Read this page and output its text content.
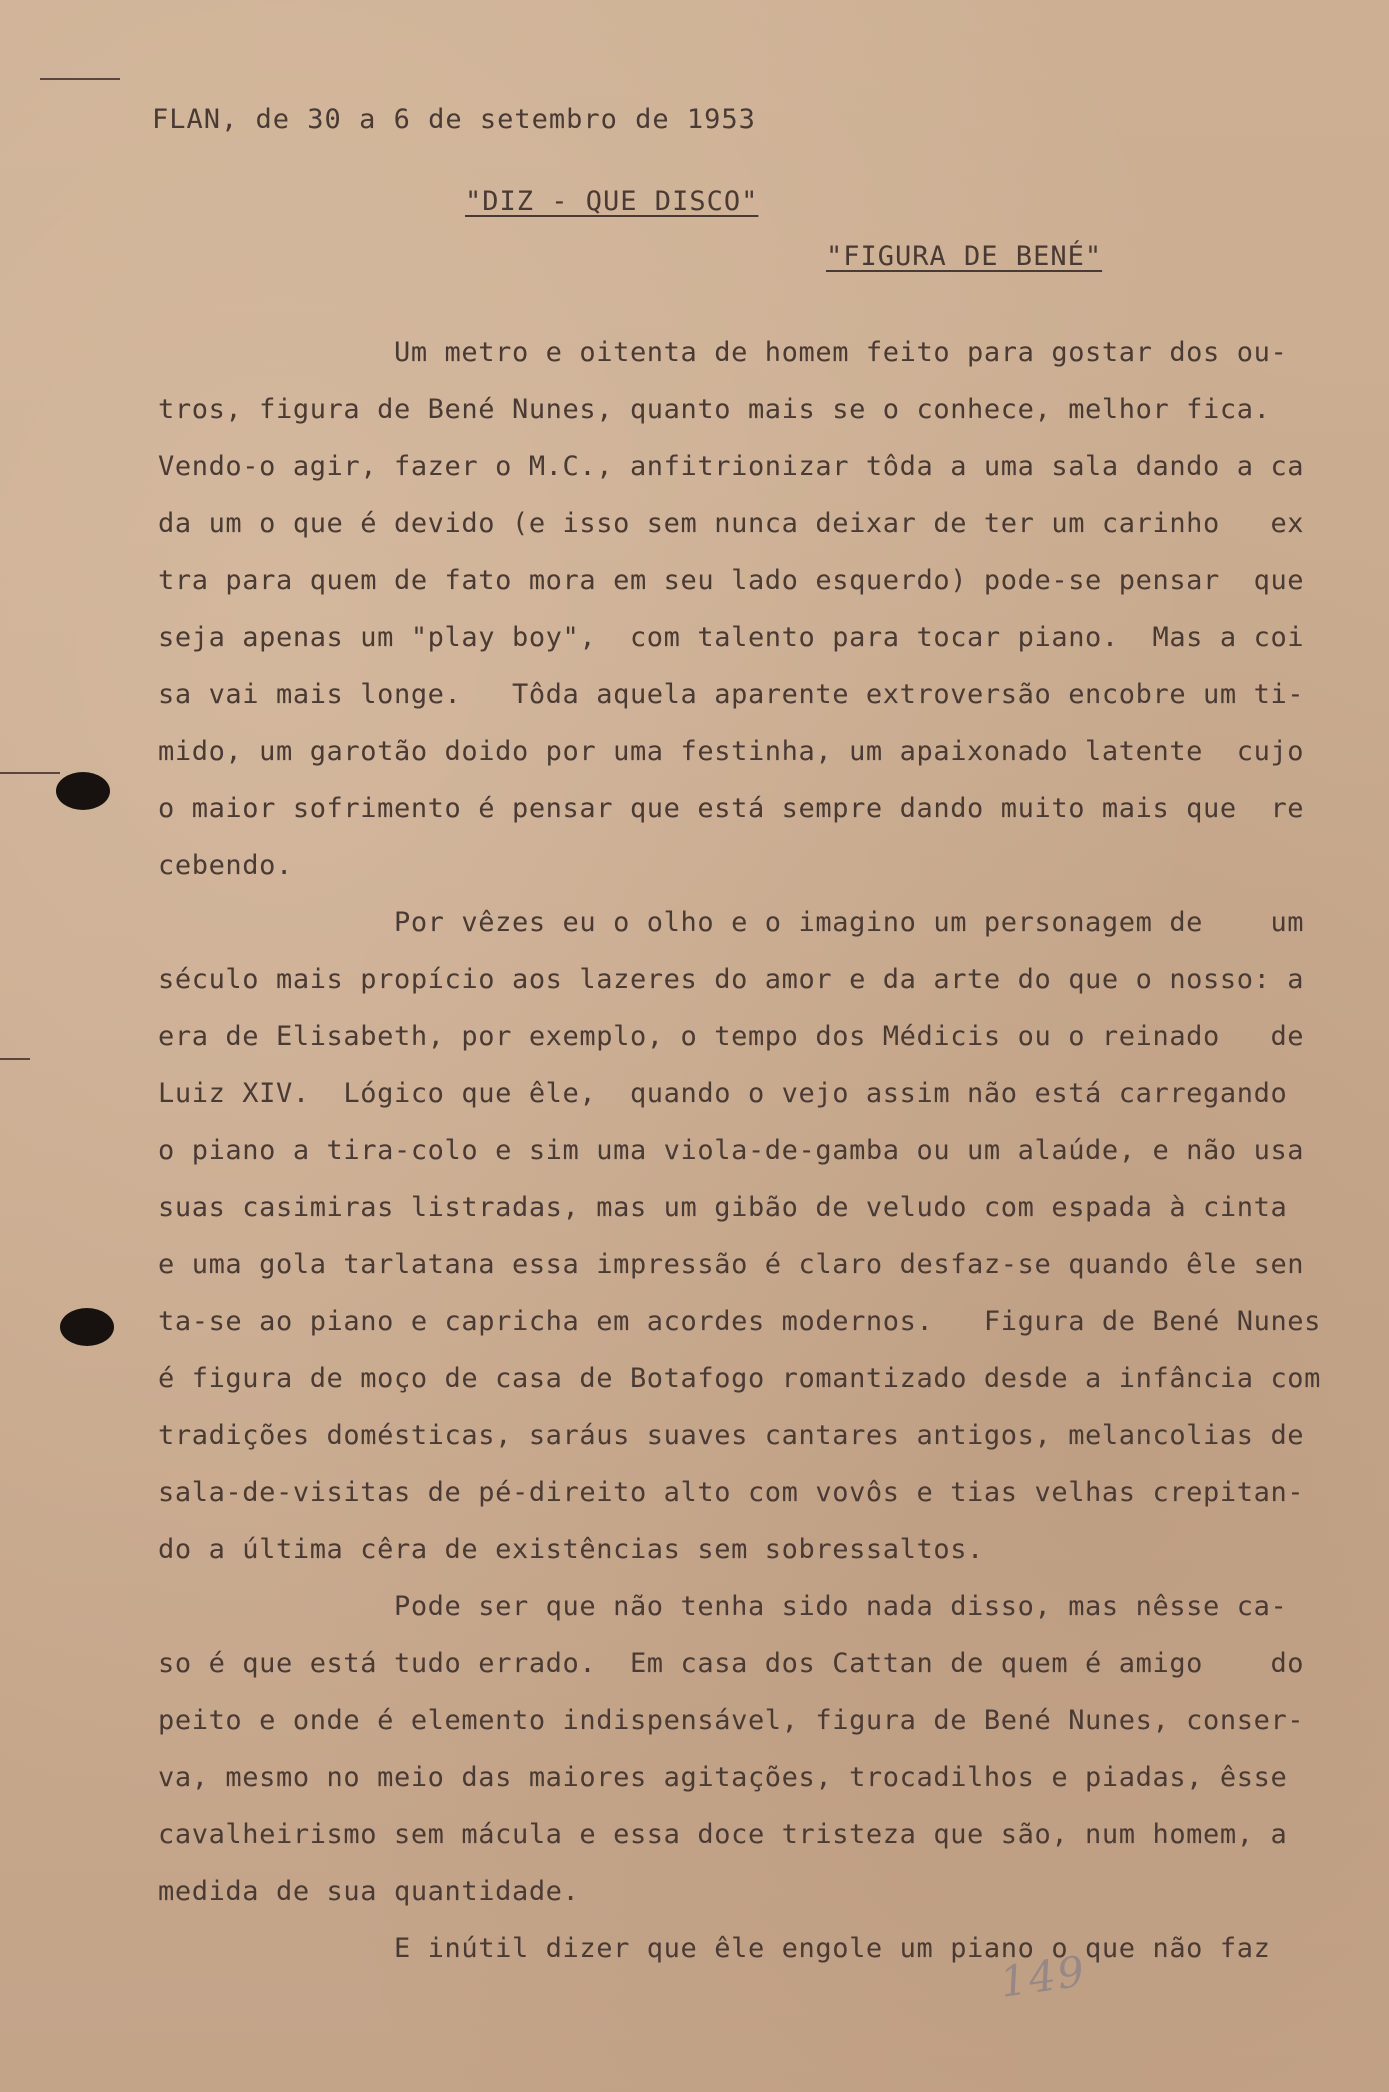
FLAN, de 30 a 6 de setembro de 1953
"DIZ - QUE DISCO"
"FIGURA DE BENÉ"
Um metro e oitenta de homem feito para gostar dos ou-
tros, figura de Bené Nunes, quanto mais se o conhece, melhor fica.
Vendo-o agir, fazer o M.C., anfitrionizar tôda a uma sala dando a ca
da um o que é devido (e isso sem nunca deixar de ter um carinho   ex
tra para quem de fato mora em seu lado esquerdo) pode-se pensar  que
seja apenas um "play boy",  com talento para tocar piano.  Mas a coi
sa vai mais longe.   Tôda aquela aparente extroversão encobre um ti-
mido, um garotão doido por uma festinha, um apaixonado latente  cujo
o maior sofrimento é pensar que está sempre dando muito mais que  re
cebendo.
Por vêzes eu o olho e o imagino um personagem de    um
século mais propício aos lazeres do amor e da arte do que o nosso: a
era de Elisabeth, por exemplo, o tempo dos Médicis ou o reinado   de
Luiz XIV.  Lógico que êle,  quando o vejo assim não está carregando
o piano a tira-colo e sim uma viola-de-gamba ou um alaúde, e não usa
suas casimiras listradas, mas um gibão de veludo com espada à cinta
e uma gola tarlatana essa impressão é claro desfaz-se quando êle sen
ta-se ao piano e capricha em acordes modernos.   Figura de Bené Nunes
é figura de moço de casa de Botafogo romantizado desde a infância com
tradições domésticas, saráus suaves cantares antigos, melancolias de
sala-de-visitas de pé-direito alto com vovôs e tias velhas crepitan-
do a última cêra de existências sem sobressaltos.
Pode ser que não tenha sido nada disso, mas nêsse ca-
so é que está tudo errado.  Em casa dos Cattan de quem é amigo    do
peito e onde é elemento indispensável, figura de Bené Nunes, conser-
va, mesmo no meio das maiores agitações, trocadilhos e piadas, êsse
cavalheirismo sem mácula e essa doce tristeza que são, num homem, a
medida de sua quantidade.
E inútil dizer que êle engole um piano o que não faz
149
